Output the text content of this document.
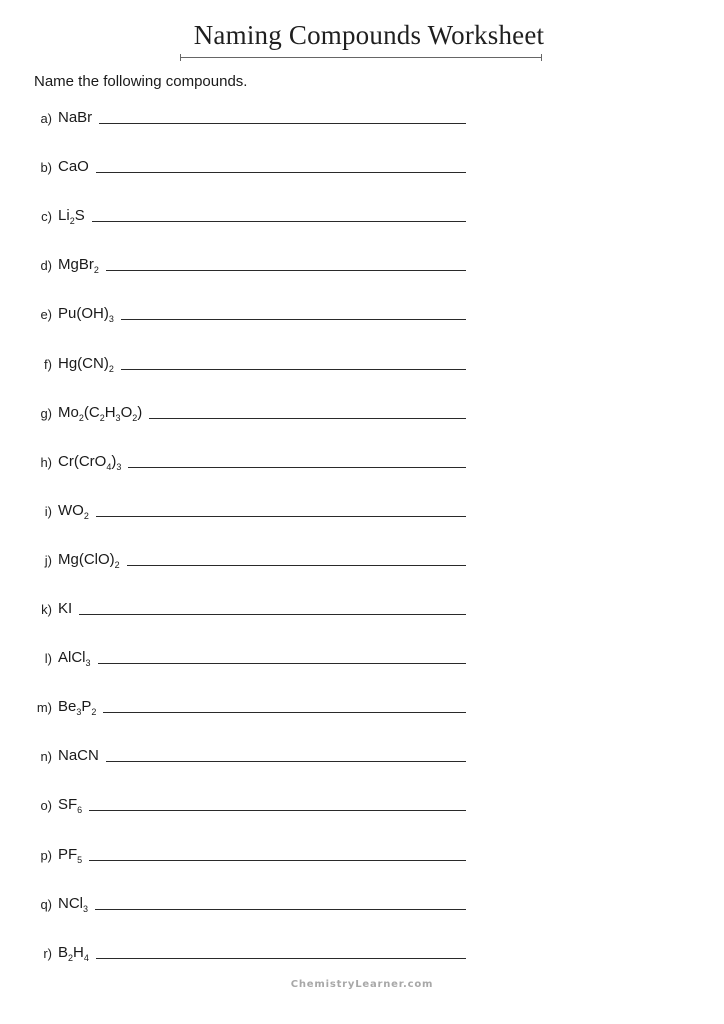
Naming Compounds Worksheet
Name the following compounds.
a) NaBr
b) CaO
c) $Li_2S$
d) MgBr$_2$
e) $Pu(OH)_3$
f) $Hg(CN)_2$
g) $Mo_2(C_2H_3O_2)$
h) $Cr(CrO_4)_3$
i) $WO_2$
j) $Mg(ClO)_2$
k) KI
l) AlCl$_3$
m) $Be_3P_2$
n) NaCN
o) $SF_6$
p) $PF_5$
q) NCl$_3$
r) $B_2H_4$
ChemistryLearner.com
